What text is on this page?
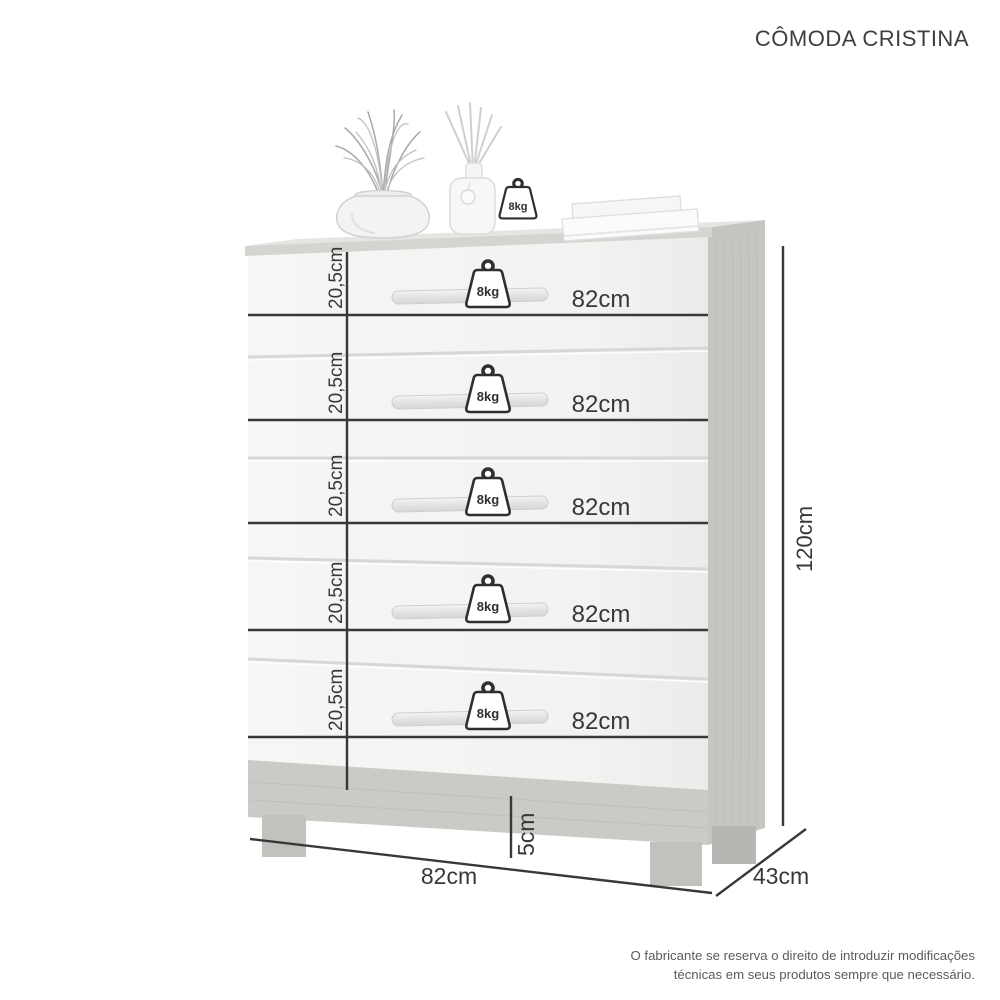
CÔMODA CRISTINA
8kg
8kg	82cm
20,5cm
8kg	82cm
20,5cm
8kg	82cm
20,5cm
8kg	82cm
20,5cm
8kg	82cm
20,5cm
120cm
5cm
82cm	43cm
O fabricante se reserva o direito de introduzir modificações
técnicas em seus produtos sempre que necessário.
